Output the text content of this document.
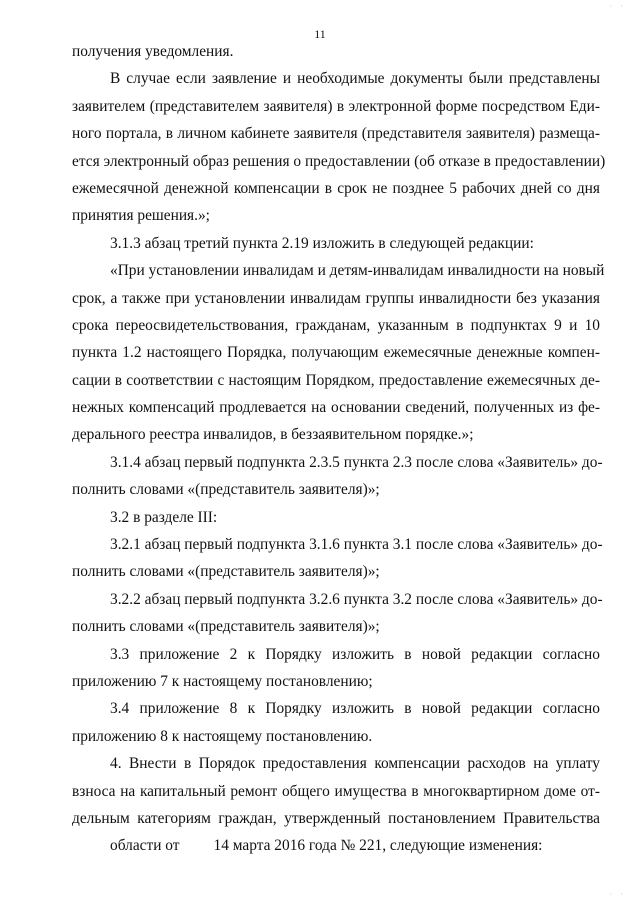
11
получения уведомления.
В случае если заявление и необходимые документы были представлены
заявителем (представителем заявителя) в электронной форме посредством Еди-
ного портала, в личном кабинете заявителя (представителя заявителя) размеща-
ется электронный образ решения о предоставлении (об отказе в предоставлении)
ежемесячной денежной компенсации в срок не позднее 5 рабочих дней со дня
принятия решения.»;
3.1.3 абзац третий пункта 2.19 изложить в следующей редакции:
«При установлении инвалидам и детям-инвалидам инвалидности на новый
срок, а также при установлении инвалидам группы инвалидности без указания
срока переосвидетельствования, гражданам, указанным в подпунктах 9 и 10
пункта 1.2 настоящего Порядка, получающим ежемесячные денежные компен-
сации в соответствии с настоящим Порядком, предоставление ежемесячных де-
нежных компенсаций продлевается на основании сведений, полученных из фе-
дерального реестра инвалидов, в беззаявительном порядке.»;
3.1.4 абзац первый подпункта 2.3.5 пункта 2.3 после слова «Заявитель» до-
полнить словами «(представитель заявителя)»;
3.2 в разделе III:
3.2.1 абзац первый подпункта 3.1.6 пункта 3.1 после слова «Заявитель» до-
полнить словами «(представитель заявителя)»;
3.2.2 абзац первый подпункта 3.2.6 пункта 3.2 после слова «Заявитель» до-
полнить словами «(представитель заявителя)»;
3.3 приложение 2 к Порядку изложить в новой редакции согласно
приложению 7 к настоящему постановлению;
3.4 приложение 8 к Порядку изложить в новой редакции согласно
приложению 8 к настоящему постановлению.
4. Внести в Порядок предоставления компенсации расходов на уплату
взноса на капитальный ремонт общего имущества в многоквартирном доме от-
дельным категориям граждан, утвержденный постановлением Правительства
области от 14 марта 2016 года № 221, следующие изменения:
· ·
· ·
